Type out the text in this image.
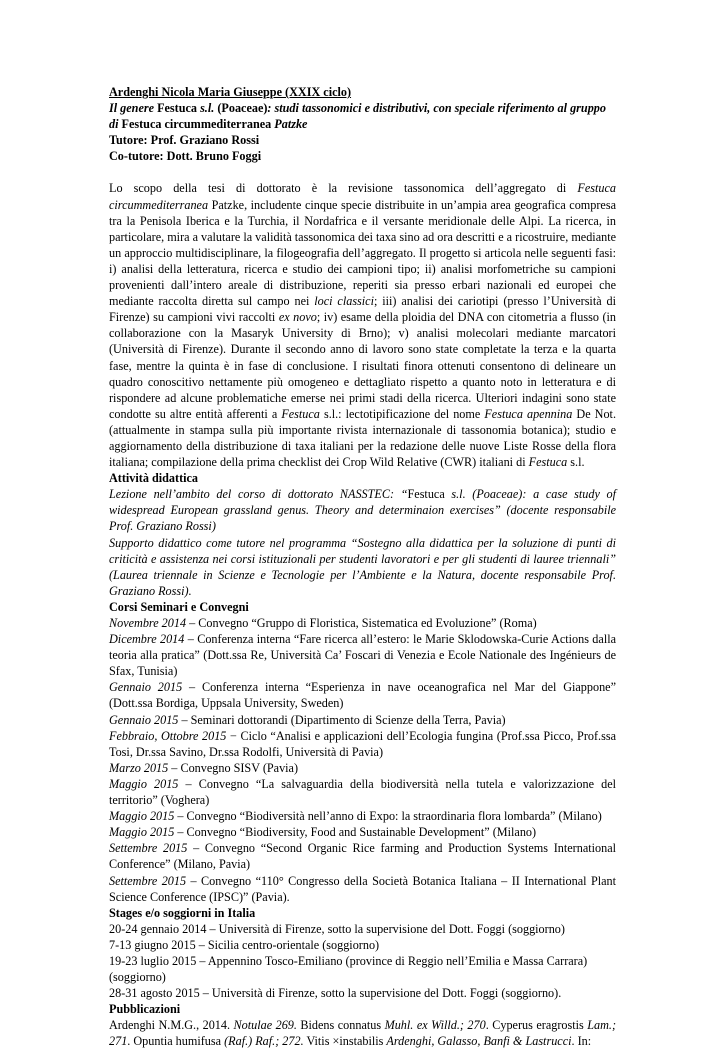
Ardenghi Nicola Maria Giuseppe (XXIX ciclo)

Il genere Festuca s.l. (Poaceae): studi tassonomici e distributivi, con speciale riferimento al gruppo di Festuca circummediterranea Patzke

Tutore: Prof. Graziano Rossi

Co-tutore: Dott. Bruno Foggi

Lo scopo della tesi di dottorato è la revisione tassonomica dell’aggregato di Festuca circummediterranea Patzke, includente cinque specie distribuite in un’ampia area geografica compresa tra la Penisola Iberica e la Turchia, il Nordafrica e il versante meridionale delle Alpi. La ricerca, in particolare, mira a valutare la validità tassonomica dei taxa sino ad ora descritti e a ricostruire, mediante un approccio multidisciplinare, la filogeografia dell’aggregato. Il progetto si articola nelle seguenti fasi: i) analisi della letteratura, ricerca e studio dei campioni tipo; ii) analisi morfometriche su campioni provenienti dall’intero areale di distribuzione, reperiti sia presso erbari nazionali ed europei che mediante raccolta diretta sul campo nei loci classici; iii) analisi dei cariotipi (presso l’Università di Firenze) su campioni vivi raccolti ex novo; iv) esame della ploidia del DNA con citometria a flusso (in collaborazione con la Masaryk University di Brno); v) analisi molecolari mediante marcatori (Università di Firenze). Durante il secondo anno di lavoro sono state completate la terza e la quarta fase, mentre la quinta è in fase di conclusione. I risultati finora ottenuti consentono di delineare un quadro conoscitivo nettamente più omogeneo e dettagliato rispetto a quanto noto in letteratura e di rispondere ad alcune problematiche emerse nei primi stadi della ricerca. Ulteriori indagini sono state condotte su altre entità afferenti a Festuca s.l.: lectotipificazione del nome Festuca apennina De Not. (attualmente in stampa sulla più importante rivista internazionale di tassonomia botanica); studio e aggiornamento della distribuzione di taxa italiani per la redazione delle nuove Liste Rosse della flora italiana; compilazione della prima checklist dei Crop Wild Relative (CWR) italiani di Festuca s.l.

Attività didattica

Lezione nell’ambito del corso di dottorato NASSTEC: “Festuca s.l. (Poaceae): a case study of widespread European grassland genus. Theory and determinaion exercises” (docente responsabile Prof. Graziano Rossi)

Supporto didattico come tutore nel programma “Sostegno alla didattica per la soluzione di punti di criticità e assistenza nei corsi istituzionali per studenti lavoratori e per gli studenti di lauree triennali” (Laurea triennale in Scienze e Tecnologie per l’Ambiente e la Natura, docente responsabile Prof. Graziano Rossi).

Corsi Seminari e Convegni

Novembre 2014 – Convegno “Gruppo di Floristica, Sistematica ed Evoluzione” (Roma)

Dicembre 2014 – Conferenza interna “Fare ricerca all’estero: le Marie Sklodowska-Curie Actions dalla teoria alla pratica” (Dott.ssa Re, Università Ca’ Foscari di Venezia e Ecole Nationale des Ingénieurs de Sfax, Tunisia)

Gennaio 2015 – Conferenza interna “Esperienza in nave oceanografica nel Mar del Giappone” (Dott.ssa Bordiga, Uppsala University, Sweden)

Gennaio 2015 – Seminari dottorandi (Dipartimento di Scienze della Terra, Pavia)

Febbraio, Ottobre 2015 − Ciclo “Analisi e applicazioni dell’Ecologia fungina (Prof.ssa Picco, Prof.ssa Tosi, Dr.ssa Savino, Dr.ssa Rodolfi, Università di Pavia)

Marzo 2015 – Convegno SISV (Pavia)

Maggio 2015 – Convegno “La salvaguardia della biodiversità nella tutela e valorizzazione del territorio” (Voghera)

Maggio 2015 – Convegno “Biodiversità nell’anno di Expo: la straordinaria flora lombarda” (Milano)

Maggio 2015 – Convegno “Biodiversity, Food and Sustainable Development” (Milano)

Settembre 2015 – Convegno “Second Organic Rice farming and Production Systems International Conference” (Milano, Pavia)

Settembre 2015 – Convegno “110° Congresso della Società Botanica Italiana – II International Plant Science Conference (IPSC)” (Pavia).

Stages e/o soggiorni in Italia

20-24 gennaio 2014 – Università di Firenze, sotto la supervisione del Dott. Foggi (soggiorno)

7-13 giugno 2015 – Sicilia centro-orientale (soggiorno)

19-23 luglio 2015 – Appennino Tosco-Emiliano (province di Reggio nell’Emilia e Massa Carrara) (soggiorno)

28-31 agosto 2015 – Università di Firenze, sotto la supervisione del Dott. Foggi (soggiorno).

Pubblicazioni

Ardenghi N.M.G., 2014. Notulae 269. Bidens connatus Muhl. ex Willd.; 270. Cyperus eragrostis Lam.; 271. Opuntia humifusa (Raf.) Raf.; 272. Vitis ×instabilis Ardenghi, Galasso, Banfi & Lastrucci. In:
